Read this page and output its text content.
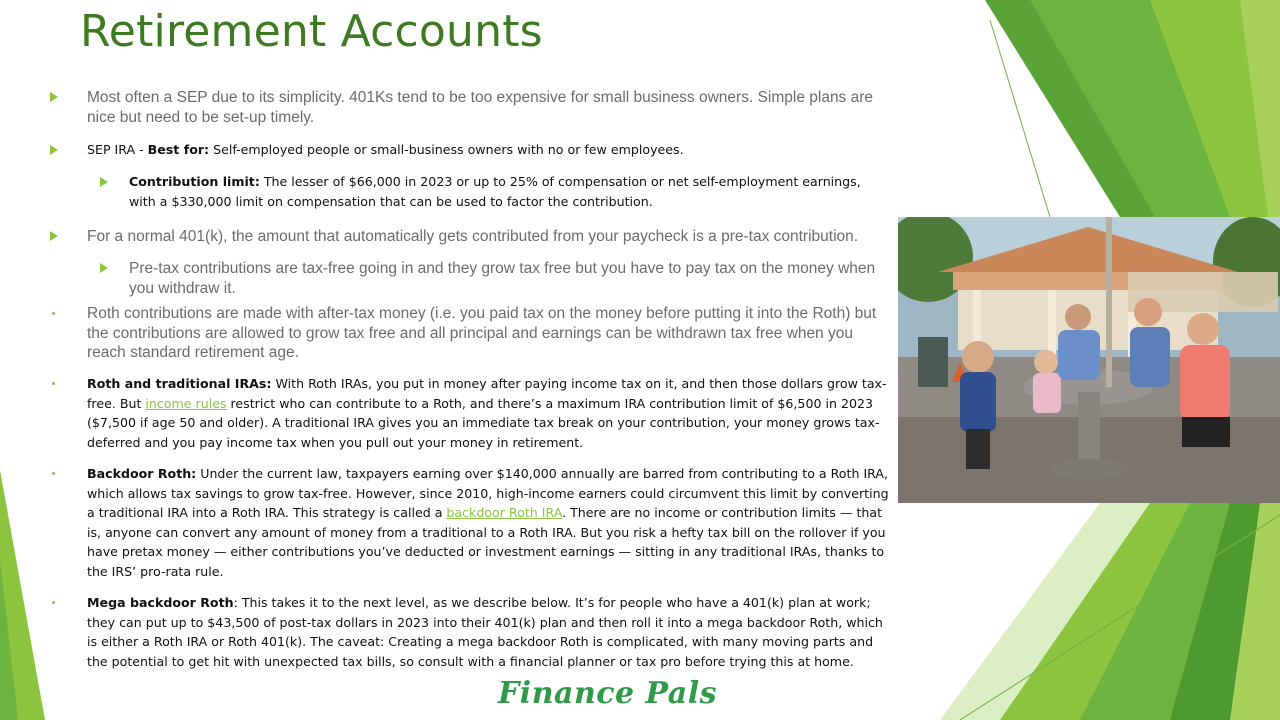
Retirement Accounts
Most often a SEP due to its simplicity. 401Ks tend to be too expensive for small business owners. Simple plans are nice but need to be set-up timely.
SEP IRA - Best for: Self-employed people or small-business owners with no or few employees.
Contribution limit: The lesser of $66,000 in 2023 or up to 25% of compensation or net self-employment earnings, with a $330,000 limit on compensation that can be used to factor the contribution.
For a normal 401(k), the amount that automatically gets contributed from your paycheck is a pre-tax contribution.
Pre-tax contributions are tax-free going in and they grow tax free but you have to pay tax on the money when you withdraw it.
Roth contributions are made with after-tax money (i.e. you paid tax on the money before putting it into the Roth) but the contributions are allowed to grow tax free and all principal and earnings can be withdrawn tax free when you reach standard retirement age.
Roth and traditional IRAs: With Roth IRAs, you put in money after paying income tax on it, and then those dollars grow tax-free. But income rules restrict who can contribute to a Roth, and there’s a maximum IRA contribution limit of $6,500 in 2023 ($7,500 if age 50 and older). A traditional IRA gives you an immediate tax break on your contribution, your money grows tax-deferred and you pay income tax when you pull out your money in retirement.
Backdoor Roth: Under the current law, taxpayers earning over $140,000 annually are barred from contributing to a Roth IRA, which allows tax savings to grow tax-free. However, since 2010, high-income earners could circumvent this limit by converting a traditional IRA into a Roth IRA. This strategy is called a backdoor Roth IRA. There are no income or contribution limits — that is, anyone can convert any amount of money from a traditional to a Roth IRA. But you risk a hefty tax bill on the rollover if you have pretax money — either contributions you’ve deducted or investment earnings — sitting in any traditional IRAs, thanks to the IRS’ pro-rata rule.
Mega backdoor Roth: This takes it to the next level, as we describe below. It’s for people who have a 401(k) plan at work; they can put up to $43,500 of post-tax dollars in 2023 into their 401(k) plan and then roll it into a mega backdoor Roth, which is either a Roth IRA or Roth 401(k). The caveat: Creating a mega backdoor Roth is complicated, with many moving parts and the potential to get hit with unexpected tax bills, so consult with a financial planner or tax pro before trying this at home.
Finance Pals
